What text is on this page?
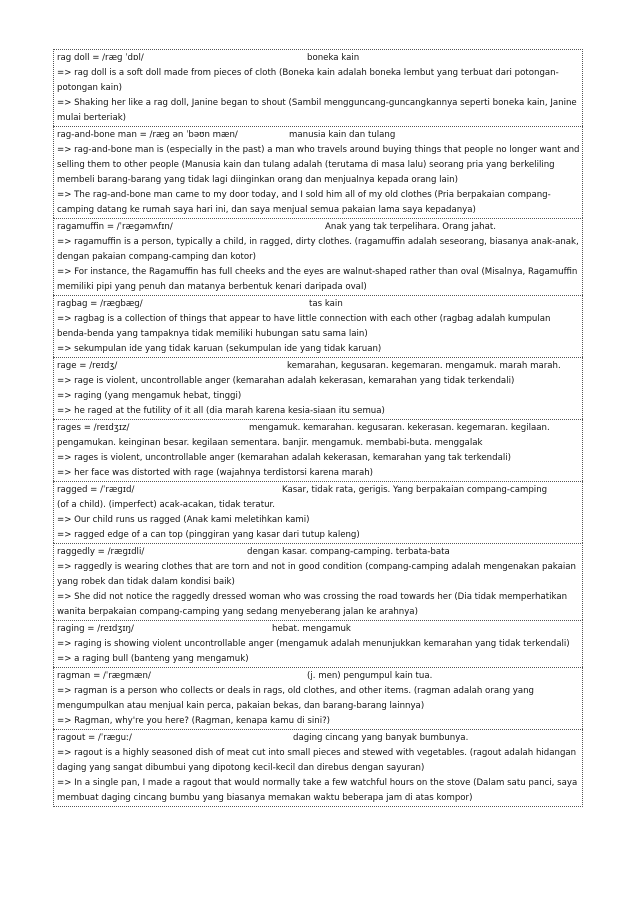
rag doll = /ræɡ ˈdɒl/	boneka kain
=> rag doll is a soft doll made from pieces of cloth (Boneka kain adalah boneka lembut yang terbuat dari potongan-potongan kain)
=> Shaking her like a rag doll, Janine began to shout (Sambil mengguncang-guncangkannya seperti boneka kain, Janine mulai berteriak)
rag-and-bone man = /ræɡ ən ˈbəʊn mæn/	manusia kain dan tulang
=> rag-and-bone man is (especially in the past) a man who travels around buying things that people no longer want and selling them to other people (Manusia kain dan tulang adalah (terutama di masa lalu) seorang pria yang berkeliling membeli barang-barang yang tidak lagi diinginkan orang dan menjualnya kepada orang lain)
=> The rag-and-bone man came to my door today, and I sold him all of my old clothes (Pria berpakaian compang-camping datang ke rumah saya hari ini, dan saya menjual semua pakaian lama saya kepadanya)
ragamuffin = /ˈræɡəmʌfɪn/	Anak yang tak terpelihara. Orang jahat.
=> ragamuffin is a person, typically a child, in ragged, dirty clothes. (ragamuffin adalah seseorang, biasanya anak-anak, dengan pakaian compang-camping dan kotor)
=> For instance, the Ragamuffin has full cheeks and the eyes are walnut-shaped rather than oval (Misalnya, Ragamuffin memiliki pipi yang penuh dan matanya berbentuk kenari daripada oval)
ragbag = /ræɡbæɡ/	tas kain
=> ragbag is a collection of things that appear to have little connection with each other (ragbag adalah kumpulan benda-benda yang tampaknya tidak memiliki hubungan satu sama lain)
=> sekumpulan ide yang tidak karuan (sekumpulan ide yang tidak karuan)
rage = /reɪdʒ/	kemarahan, kegusaran. kegemaran. mengamuk. marah marah.
=> rage is violent, uncontrollable anger (kemarahan adalah kekerasan, kemarahan yang tidak terkendali)
=> raging (yang mengamuk hebat, tinggi)
=> he raged at the futility of it all (dia marah karena kesia-siaan itu semua)
rages = /reɪdʒɪz/	mengamuk. kemarahan. kegusaran. kekerasan. kegemaran. kegilaan.
pengamukan. keinginan besar. kegilaan sementara. banjir. mengamuk. membabi-buta. menggalak
=> rages is violent, uncontrollable anger (kemarahan adalah kekerasan, kemarahan yang tak terkendali)
=> her face was distorted with rage (wajahnya terdistorsi karena marah)
ragged = /ˈræɡɪd/	Kasar, tidak rata, gerigis. Yang berpakaian compang-camping
(of a child). (imperfect) acak-acakan, tidak teratur.
=> Our child runs us ragged (Anak kami meletihkan kami)
=> ragged edge of a can top (pinggiran yang kasar dari tutup kaleng)
raggedly = /ræɡɪdli/	dengan kasar. compang-camping. terbata-bata
=> raggedly is wearing clothes that are torn and not in good condition (compang-camping adalah mengenakan pakaian yang robek dan tidak dalam kondisi baik)
=> She did not notice the raggedly dressed woman who was crossing the road towards her (Dia tidak memperhatikan wanita berpakaian compang-camping yang sedang menyeberang jalan ke arahnya)
raging = /reɪdʒɪŋ/	hebat. mengamuk
=> raging is showing violent uncontrollable anger (mengamuk adalah menunjukkan kemarahan yang tidak terkendali)
=> a raging bull (banteng yang mengamuk)
ragman = /ˈræɡmæn/	(j. men) pengumpul kain tua.
=> ragman is a person who collects or deals in rags, old clothes, and other items. (ragman adalah orang yang mengumpulkan atau menjual kain perca, pakaian bekas, dan barang-barang lainnya)
=> Ragman, why're you here? (Ragman, kenapa kamu di sini?)
ragout = /ˈræɡuː/	daging cincang yang banyak bumbunya.
=> ragout is a highly seasoned dish of meat cut into small pieces and stewed with vegetables. (ragout adalah hidangan daging yang sangat dibumbui yang dipotong kecil-kecil dan direbus dengan sayuran)
=> In a single pan, I made a ragout that would normally take a few watchful hours on the stove (Dalam satu panci, saya membuat daging cincang bumbu yang biasanya memakan waktu beberapa jam di atas kompor)
